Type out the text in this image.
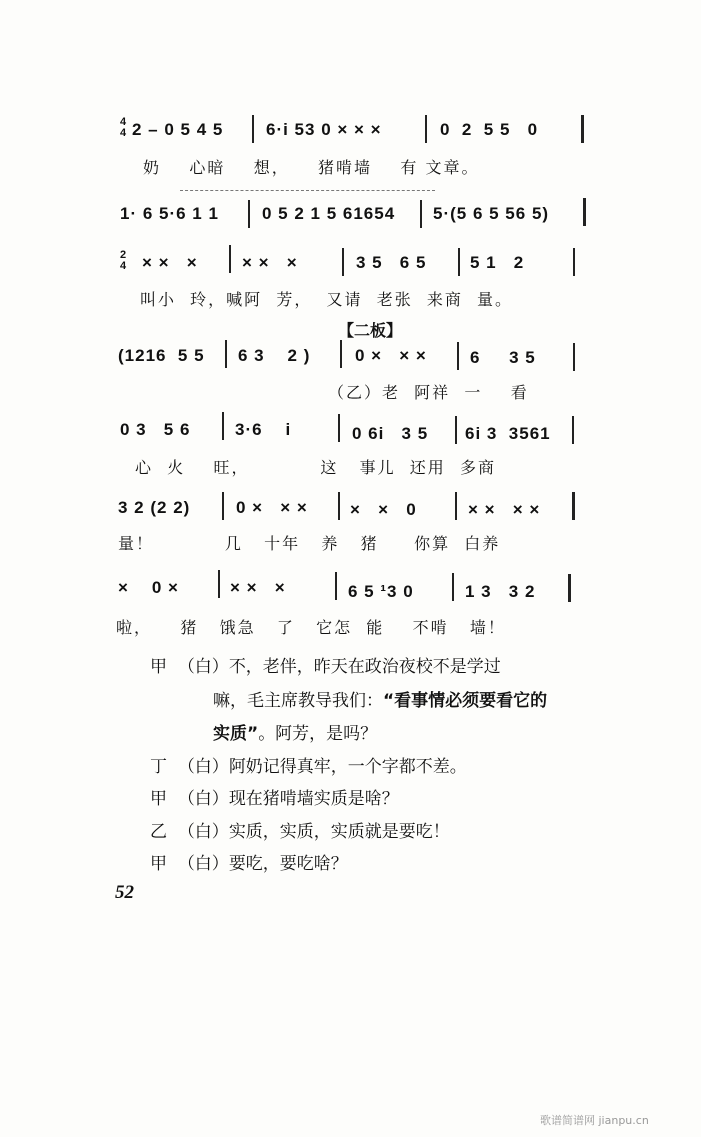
4
4 2 – 0 5 4 5	6·i 53 0 × × ×	0  2  5 5   0
奶    心暗    想，    猪啃墙    有 文章。
1· 6 5·6 1 1	0 5 2 1 5 61654 5·(5 6 5 56 5)
2
4 × ×   ×	× ×   ×	3 5   6 5	5 1   2
叫小  玲，喊阿  芳，  又请  老张  来商  量。
【二板】
(1216  5 5 6 3    2 )	0 ×   × ×	6     3 5
（乙）老  阿祥  一    看
0 3   5 6	3·6    i	0 6i   3 5 6i 3  3561
心  火    旺，          这   事儿  还用  多商
3 2 (2 2)	0 ×   × × ×   ×   0	× ×   × ×
量！          几   十年   养   猪     你算  白养
×    0 ×	× ×   ×	6 5 ¹3 0	1 3   3 2
啦，    猪   饿急   了   它怎  能    不啃   墙！
甲 （白）不，老伴，昨天在政治夜校不是学过
嘛，毛主席教导我们：“看事情必须要看它的
实质”。阿芳，是吗？
丁 （白）阿奶记得真牢，一个字都不差。
甲 （白）现在猪啃墙实质是啥？
乙 （白）实质，实质，实质就是要吃！
甲 （白）要吃，要吃啥？
52
歌谱简谱网 jianpu.cn
